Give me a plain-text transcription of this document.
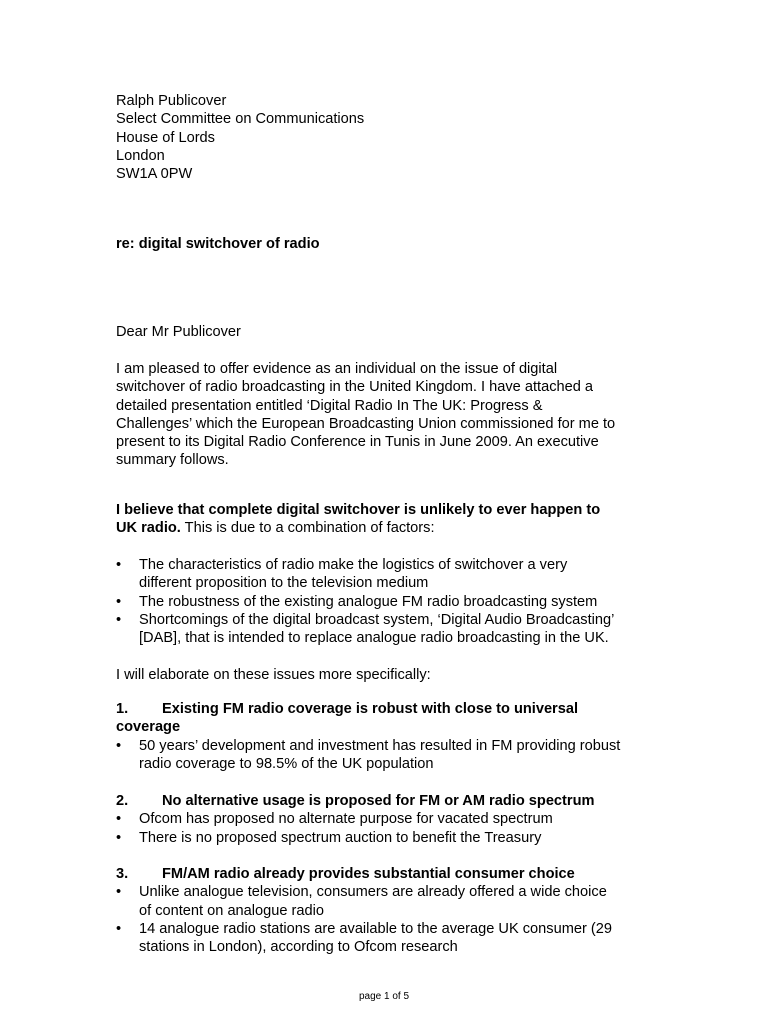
Ralph Publicover
Select Committee on Communications
House of Lords
London
SW1A 0PW
re: digital switchover of radio
Dear Mr Publicover
I am pleased to offer evidence as an individual on the issue of digital
switchover of radio broadcasting in the United Kingdom. I have attached a
detailed presentation entitled ‘Digital Radio In The UK: Progress &
Challenges’ which the European Broadcasting Union commissioned for me to
present to its Digital Radio Conference in Tunis in June 2009. An executive
summary follows.
I believe that complete digital switchover is unlikely to ever happen to
UK radio. This is due to a combination of factors:
• The characteristics of radio make the logistics of switchover a very
different proposition to the television medium
• The robustness of the existing analogue FM radio broadcasting system
• Shortcomings of the digital broadcast system, ‘Digital Audio Broadcasting’
[DAB], that is intended to replace analogue radio broadcasting in the UK.
I will elaborate on these issues more specifically:
1.	Existing FM radio coverage is robust with close to universal
coverage
• 50 years’ development and investment has resulted in FM providing robust
radio coverage to 98.5% of the UK population
2.	No alternative usage is proposed for FM or AM radio spectrum
• Ofcom has proposed no alternate purpose for vacated spectrum
• There is no proposed spectrum auction to benefit the Treasury
3.	FM/AM radio already provides substantial consumer choice
• Unlike analogue television, consumers are already offered a wide choice
of content on analogue radio
• 14 analogue radio stations are available to the average UK consumer (29
stations in London), according to Ofcom research
page 1 of 5
